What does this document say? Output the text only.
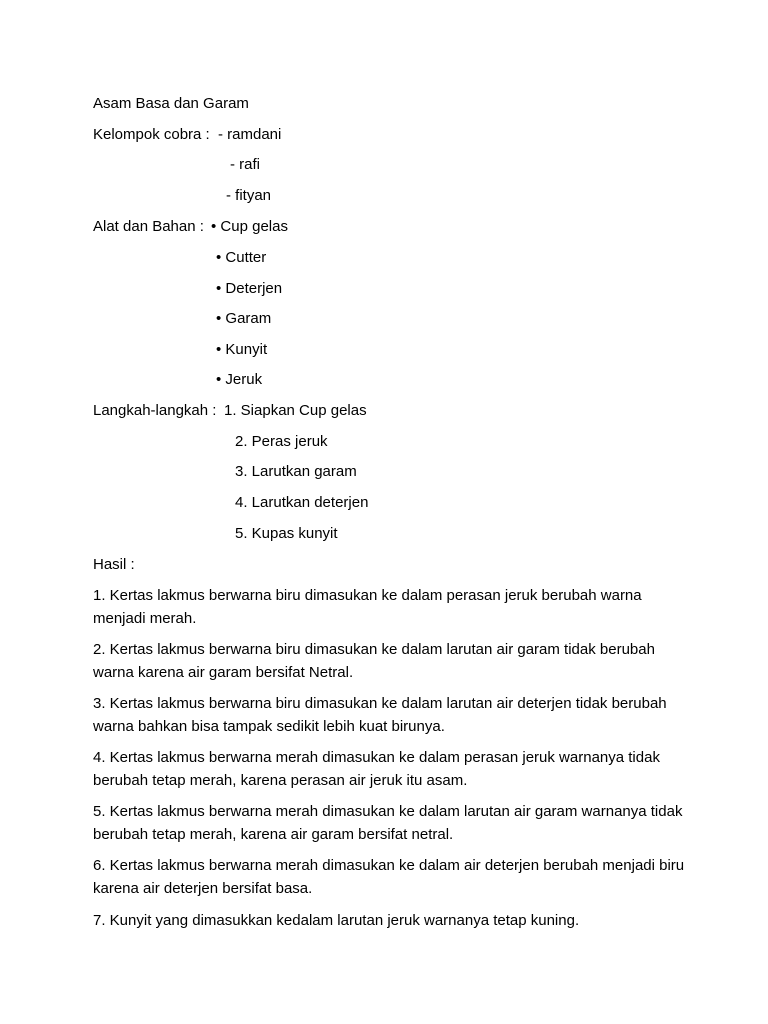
Asam Basa dan Garam
Kelompok cobra : - ramdani
- rafi
- fityan
Alat dan Bahan : • Cup gelas
• Cutter
• Deterjen
• Garam
• Kunyit
• Jeruk
Langkah-langkah : 1. Siapkan Cup gelas
2. Peras jeruk
3. Larutkan garam
4. Larutkan deterjen
5. Kupas kunyit
Hasil :
1. Kertas lakmus berwarna biru dimasukan ke dalam perasan jeruk berubah warna menjadi merah.
2. Kertas lakmus berwarna biru dimasukan ke dalam larutan air garam tidak berubah warna karena air garam bersifat Netral.
3. Kertas lakmus berwarna biru dimasukan ke dalam larutan air deterjen tidak berubah warna bahkan bisa tampak sedikit lebih kuat birunya.
4. Kertas lakmus berwarna merah dimasukan ke dalam perasan jeruk warnanya tidak berubah tetap merah, karena perasan air jeruk itu asam.
5. Kertas lakmus berwarna merah dimasukan ke dalam larutan air garam warnanya tidak berubah tetap merah, karena air garam bersifat netral.
6. Kertas lakmus berwarna merah dimasukan ke dalam air deterjen berubah menjadi biru karena air deterjen bersifat basa.
7. Kunyit yang dimasukkan kedalam larutan jeruk warnanya tetap kuning.
